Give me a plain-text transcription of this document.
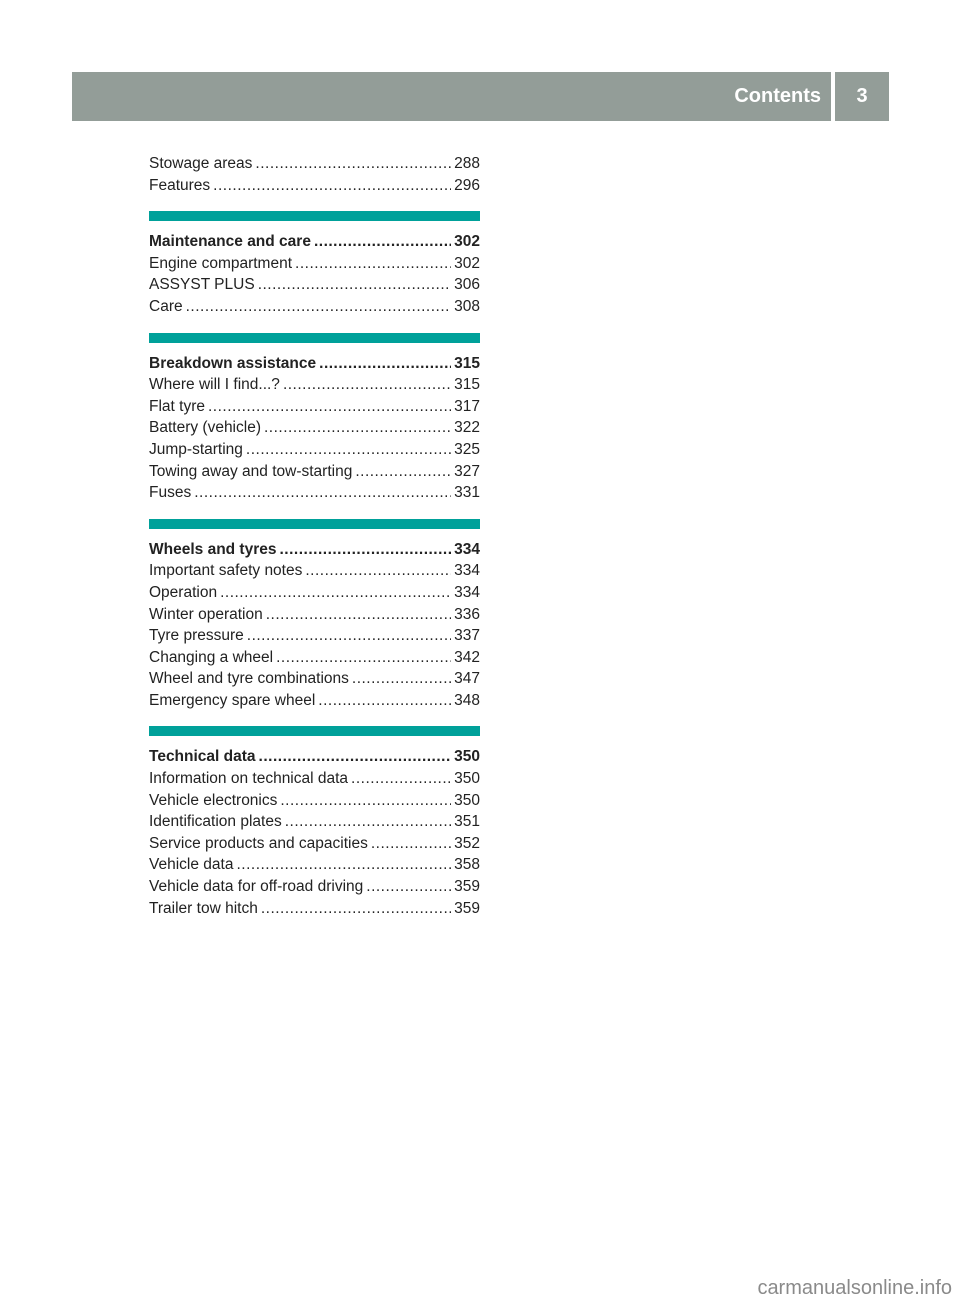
Contents	3
Stowage areas .....	288
Features .....	296
Maintenance and care .....	302
Engine compartment .....	302
ASSYST PLUS .....	306
Care .....	308
Breakdown assistance .....	315
Where will I find...? .....	315
Flat tyre .....	317
Battery (vehicle) .....	322
Jump-starting .....	325
Towing away and tow-starting .....	327
Fuses .....	331
Wheels and tyres .....	334
Important safety notes .....	334
Operation .....	334
Winter operation .....	336
Tyre pressure .....	337
Changing a wheel .....	342
Wheel and tyre combinations .....	347
Emergency spare wheel .....	348
Technical data .....	350
Information on technical data .....	350
Vehicle electronics .....	350
Identification plates .....	351
Service products and capacities .....	352
Vehicle data .....	358
Vehicle data for off-road driving .....	359
Trailer tow hitch .....	359
carmanualsonline.info
